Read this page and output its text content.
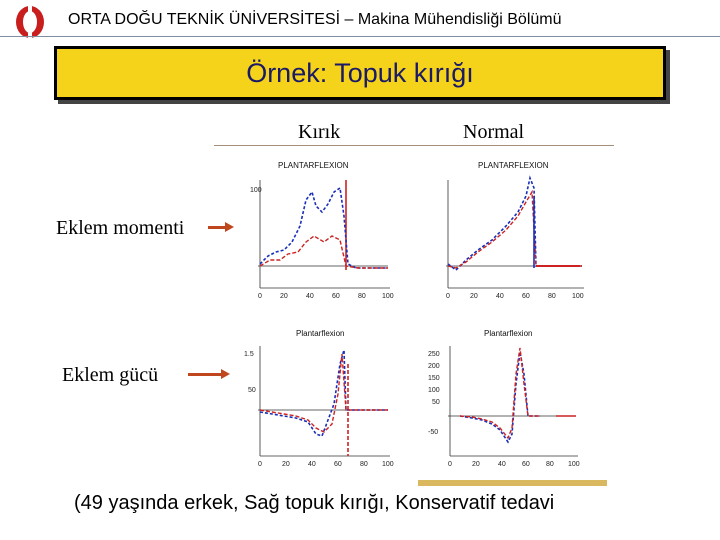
ORTA DOĞU TEKNİK ÜNİVERSİTESİ – Makina Mühendisliği Bölümü
Örnek: Topuk kırığı
Kırık	Normal
Eklem momenti
Eklem gücü
PLANTARFLEXION
100
0	20	40	60	80 100
PLANTARFLEXION
0	20	40	60	80 100
Plantarflexion
1.5
50
0	20	40	60	80 100
Plantarflexion
250
200
150
100
50
-50
0	20	40 60 80 100
(49 yaşında erkek, Sağ topuk kırığı, Konservatif tedavi
